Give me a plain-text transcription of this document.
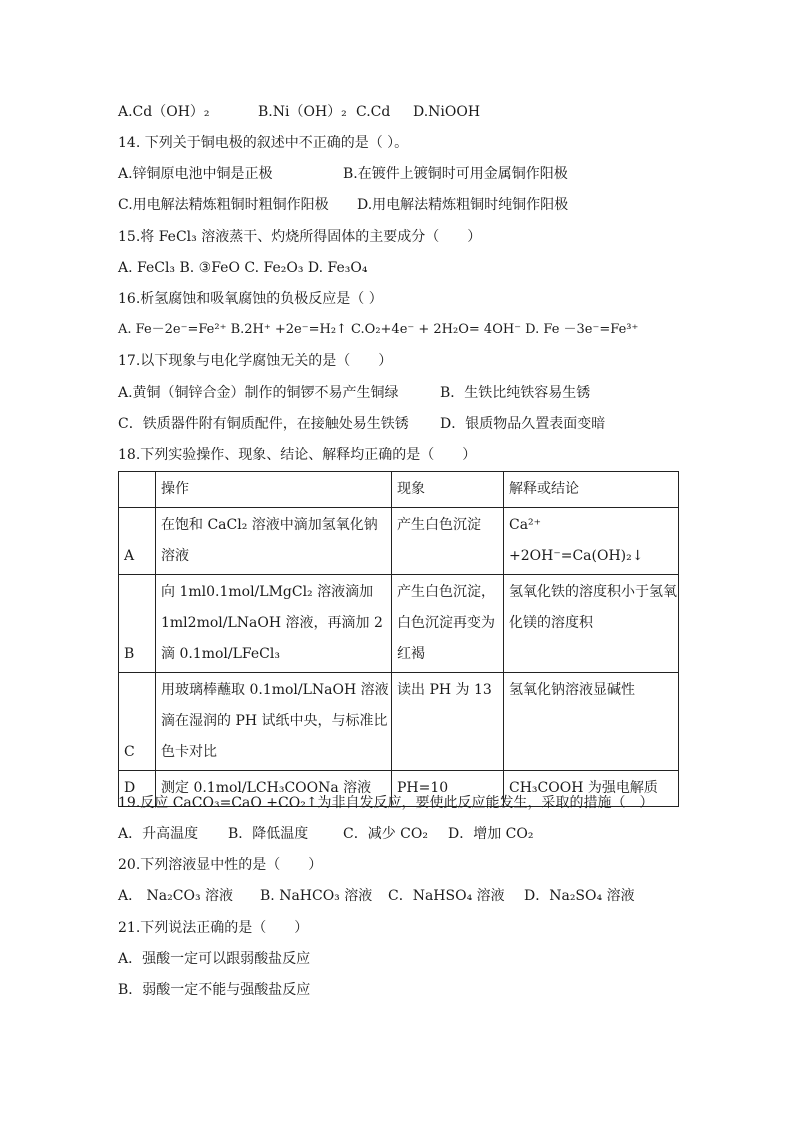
A.Cd（OH）₂	B.Ni（OH）₂ C.Cd D.NiOOH
14. 下列关于铜电极的叙述中不正确的是（ ）。
A.锌铜原电池中铜是正极	B.在镀件上镀铜时可用金属铜作阳极
C.用电解法精炼粗铜时粗铜作阳极 D.用电解法精炼粗铜时纯铜作阳极
15.将 FeCl₃ 溶液蒸干、灼烧所得固体的主要成分（　　）
A. FeCl₃ B. ③FeO C. Fe₂O₃ D. Fe₃O₄
16.析氢腐蚀和吸氧腐蚀的负极反应是（ ）
A. Fe－2e⁻=Fe²⁺ B.2H⁺ +2e⁻=H₂↑ C.O₂+4e⁻ + 2H₂O= 4OH⁻ D. Fe －3e⁻=Fe³⁺
17.以下现象与电化学腐蚀无关的是（　　）
A.黄铜（铜锌合金）制作的铜锣不易产生铜绿	B．生铁比纯铁容易生锈
C．铁质器件附有铜质配件，在接触处易生铁锈 D．银质物品久置表面变暗
18.下列实验操作、现象、结论、解释均正确的是（　　）
	操作	现象	解释或结论
A	在饱和 CaCl₂ 溶液中滴加氢氧化钠溶液	产生白色沉淀	Ca²⁺ +2OH⁻=Ca(OH)₂↓
B	向 1ml0.1mol/LMgCl₂ 溶液滴加 1ml2mol/LNaOH 溶液，再滴加 2 滴 0.1mol/LFeCl₃	产生白色沉淀，白色沉淀再变为红褐	氢氧化铁的溶度积小于氢氧化镁的溶度积
C	用玻璃棒蘸取 0.1mol/LNaOH 溶液滴在湿润的 PH 试纸中央，与标准比色卡对比	读出 PH 为 13	氢氧化钠溶液显碱性
D	测定 0.1mol/LCH₃COONa 溶液	PH=10	CH₃COOH 为强电解质
19.反应 CaCO₃=CaO +CO₂↑为非自发反应，要使此反应能发生，采取的措施（　）
A．升高温度 B．降低温度 C．减少 CO₂ D．增加 CO₂
20.下列溶液显中性的是（　　）
A． Na₂CO₃ 溶液 B. NaHCO₃ 溶液 C．NaHSO₄ 溶液 D．Na₂SO₄ 溶液
21.下列说法正确的是（　　）
A．强酸一定可以跟弱酸盐反应
B．弱酸一定不能与强酸盐反应
